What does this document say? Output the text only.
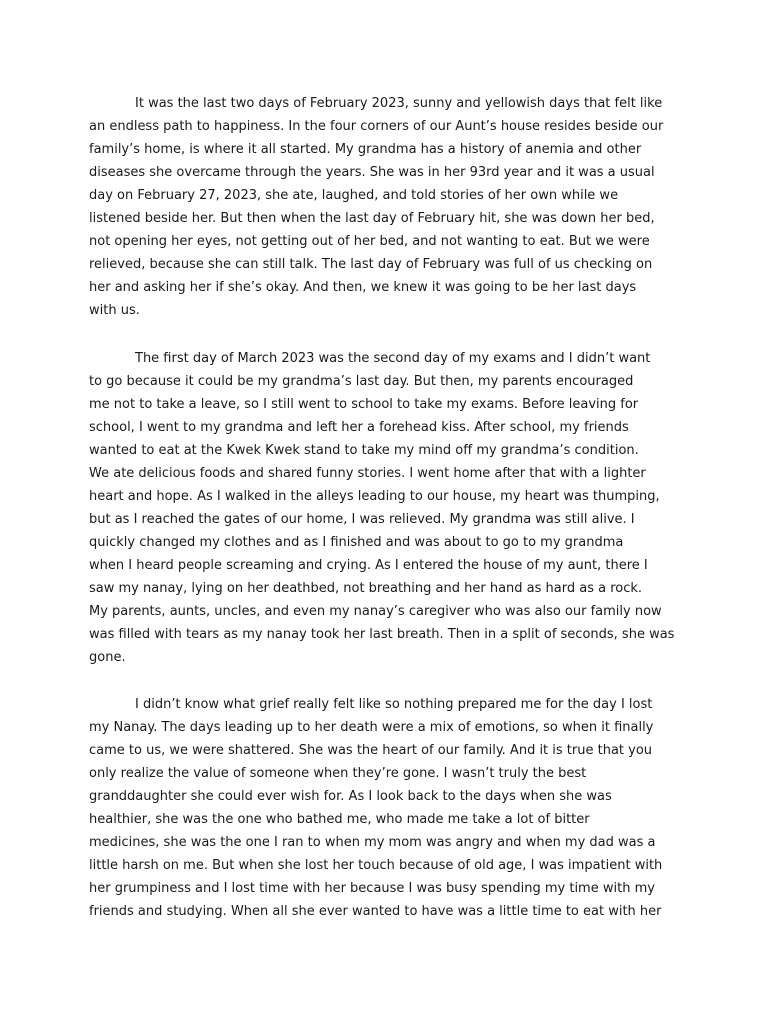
It was the last two days of February 2023, sunny and yellowish days that felt like
an endless path to happiness. In the four corners of our Aunt’s house resides beside our
family’s home, is where it all started. My grandma has a history of anemia and other
diseases she overcame through the years. She was in her 93rd year and it was a usual
day on February 27, 2023, she ate, laughed, and told stories of her own while we
listened beside her. But then when the last day of February hit, she was down her bed,
not opening her eyes, not getting out of her bed, and not wanting to eat. But we were
relieved, because she can still talk. The last day of February was full of us checking on
her and asking her if she’s okay. And then, we knew it was going to be her last days
with us.
The first day of March 2023 was the second day of my exams and I didn’t want
to go because it could be my grandma’s last day. But then, my parents encouraged
me not to take a leave, so I still went to school to take my exams. Before leaving for
school, I went to my grandma and left her a forehead kiss. After school, my friends
wanted to eat at the Kwek Kwek stand to take my mind off my grandma’s condition.
We ate delicious foods and shared funny stories. I went home after that with a lighter
heart and hope. As I walked in the alleys leading to our house, my heart was thumping,
but as I reached the gates of our home, I was relieved. My grandma was still alive. I
quickly changed my clothes and as I finished and was about to go to my grandma
when I heard people screaming and crying. As I entered the house of my aunt, there I
saw my nanay, lying on her deathbed, not breathing and her hand as hard as a rock.
My parents, aunts, uncles, and even my nanay’s caregiver who was also our family now
was filled with tears as my nanay took her last breath. Then in a split of seconds, she was
gone.
I didn’t know what grief really felt like so nothing prepared me for the day I lost
my Nanay. The days leading up to her death were a mix of emotions, so when it finally
came to us, we were shattered. She was the heart of our family. And it is true that you
only realize the value of someone when they’re gone. I wasn’t truly the best
granddaughter she could ever wish for. As I look back to the days when she was
healthier, she was the one who bathed me, who made me take a lot of bitter
medicines, she was the one I ran to when my mom was angry and when my dad was a
little harsh on me. But when she lost her touch because of old age, I was impatient with
her grumpiness and I lost time with her because I was busy spending my time with my
friends and studying. When all she ever wanted to have was a little time to eat with her
